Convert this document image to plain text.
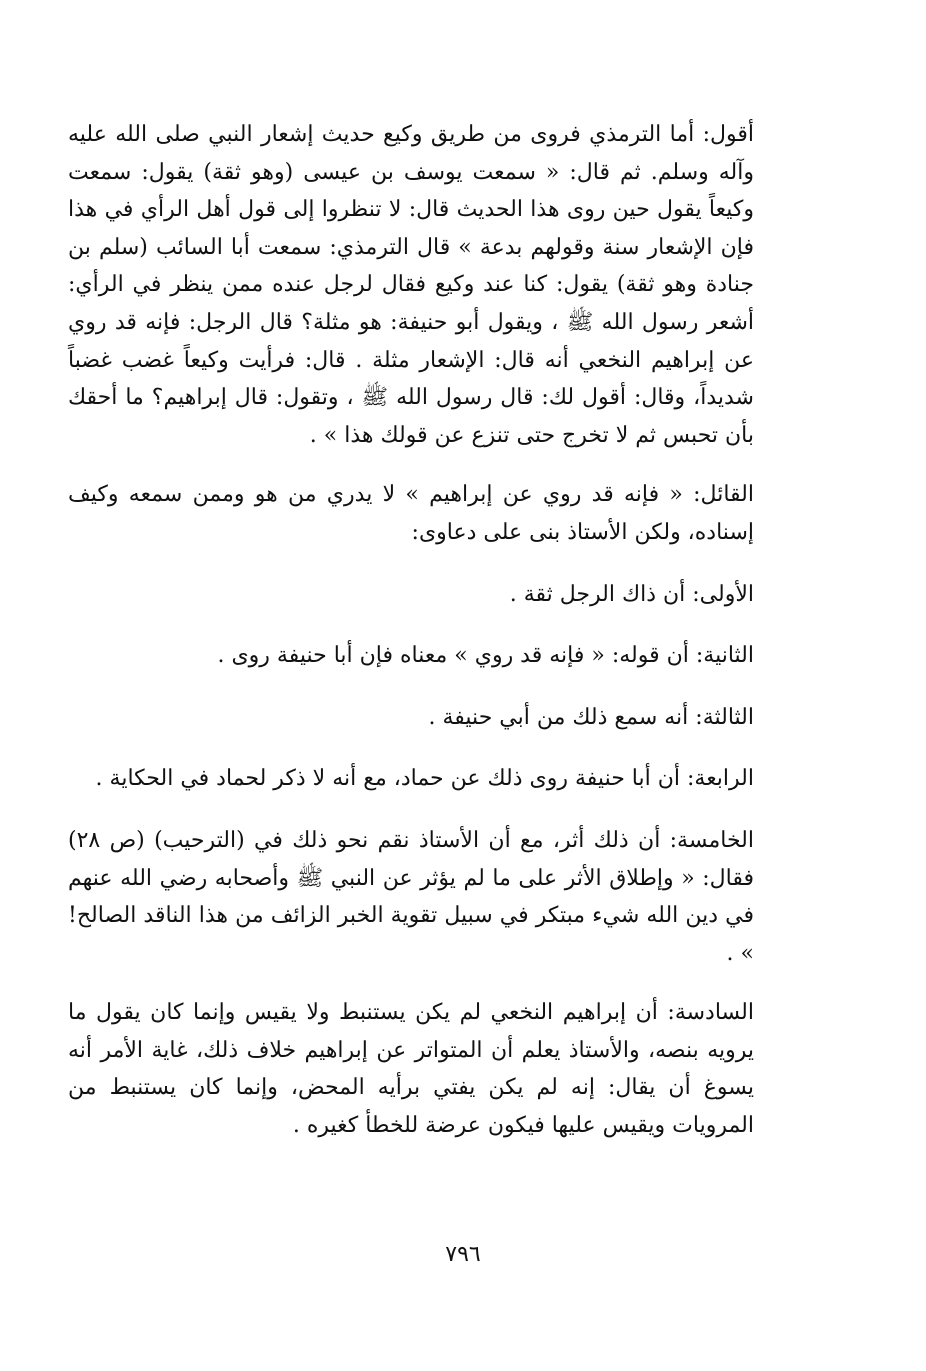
أقول: أما الترمذي فروى من طريق وكيع حديث إشعار النبي صلى الله عليه وآله وسلم. ثم قال: « سمعت يوسف بن عيسى (وهو ثقة) يقول: سمعت وكيعاً يقول حين روى هذا الحديث قال: لا تنظروا إلى قول أهل الرأي في هذا فإن الإشعار سنة وقولهم بدعة » قال الترمذي: سمعت أبا السائب (سلم بن جنادة وهو ثقة) يقول: كنا عند وكيع فقال لرجل عنده ممن ينظر في الرأي: أشعر رسول الله ﷺ ، ويقول أبو حنيفة: هو مثلة؟ قال الرجل: فإنه قد روي عن إبراهيم النخعي أنه قال: الإشعار مثلة . قال: فرأيت وكيعاً غضب غضباً شديداً، وقال: أقول لك: قال رسول الله ﷺ ، وتقول: قال إبراهيم؟ ما أحقك بأن تحبس ثم لا تخرج حتى تنزع عن قولك هذا » .

القائل: « فإنه قد روي عن إبراهيم » لا يدري من هو وممن سمعه وكيف إسناده، ولكن الأستاذ بنى على دعاوى:

الأولى: أن ذاك الرجل ثقة .

الثانية: أن قوله: « فإنه قد روي » معناه فإن أبا حنيفة روى .

الثالثة: أنه سمع ذلك من أبي حنيفة .

الرابعة: أن أبا حنيفة روى ذلك عن حماد، مع أنه لا ذكر لحماد في الحكاية .

الخامسة: أن ذلك أثر، مع أن الأستاذ نقم نحو ذلك في (الترحيب) (ص ٢٨) فقال: « وإطلاق الأثر على ما لم يؤثر عن النبي ﷺ وأصحابه رضي الله عنهم في دين الله شيء مبتكر في سبيل تقوية الخبر الزائف من هذا الناقد الصالح! » .

السادسة: أن إبراهيم النخعي لم يكن يستنبط ولا يقيس وإنما كان يقول ما يرويه بنصه، والأستاذ يعلم أن المتواتر عن إبراهيم خلاف ذلك، غاية الأمر أنه يسوغ أن يقال: إنه لم يكن يفتي برأيه المحض، وإنما كان يستنبط من المرويات ويقيس عليها فيكون عرضة للخطأ كغيره .

٧٩٦
